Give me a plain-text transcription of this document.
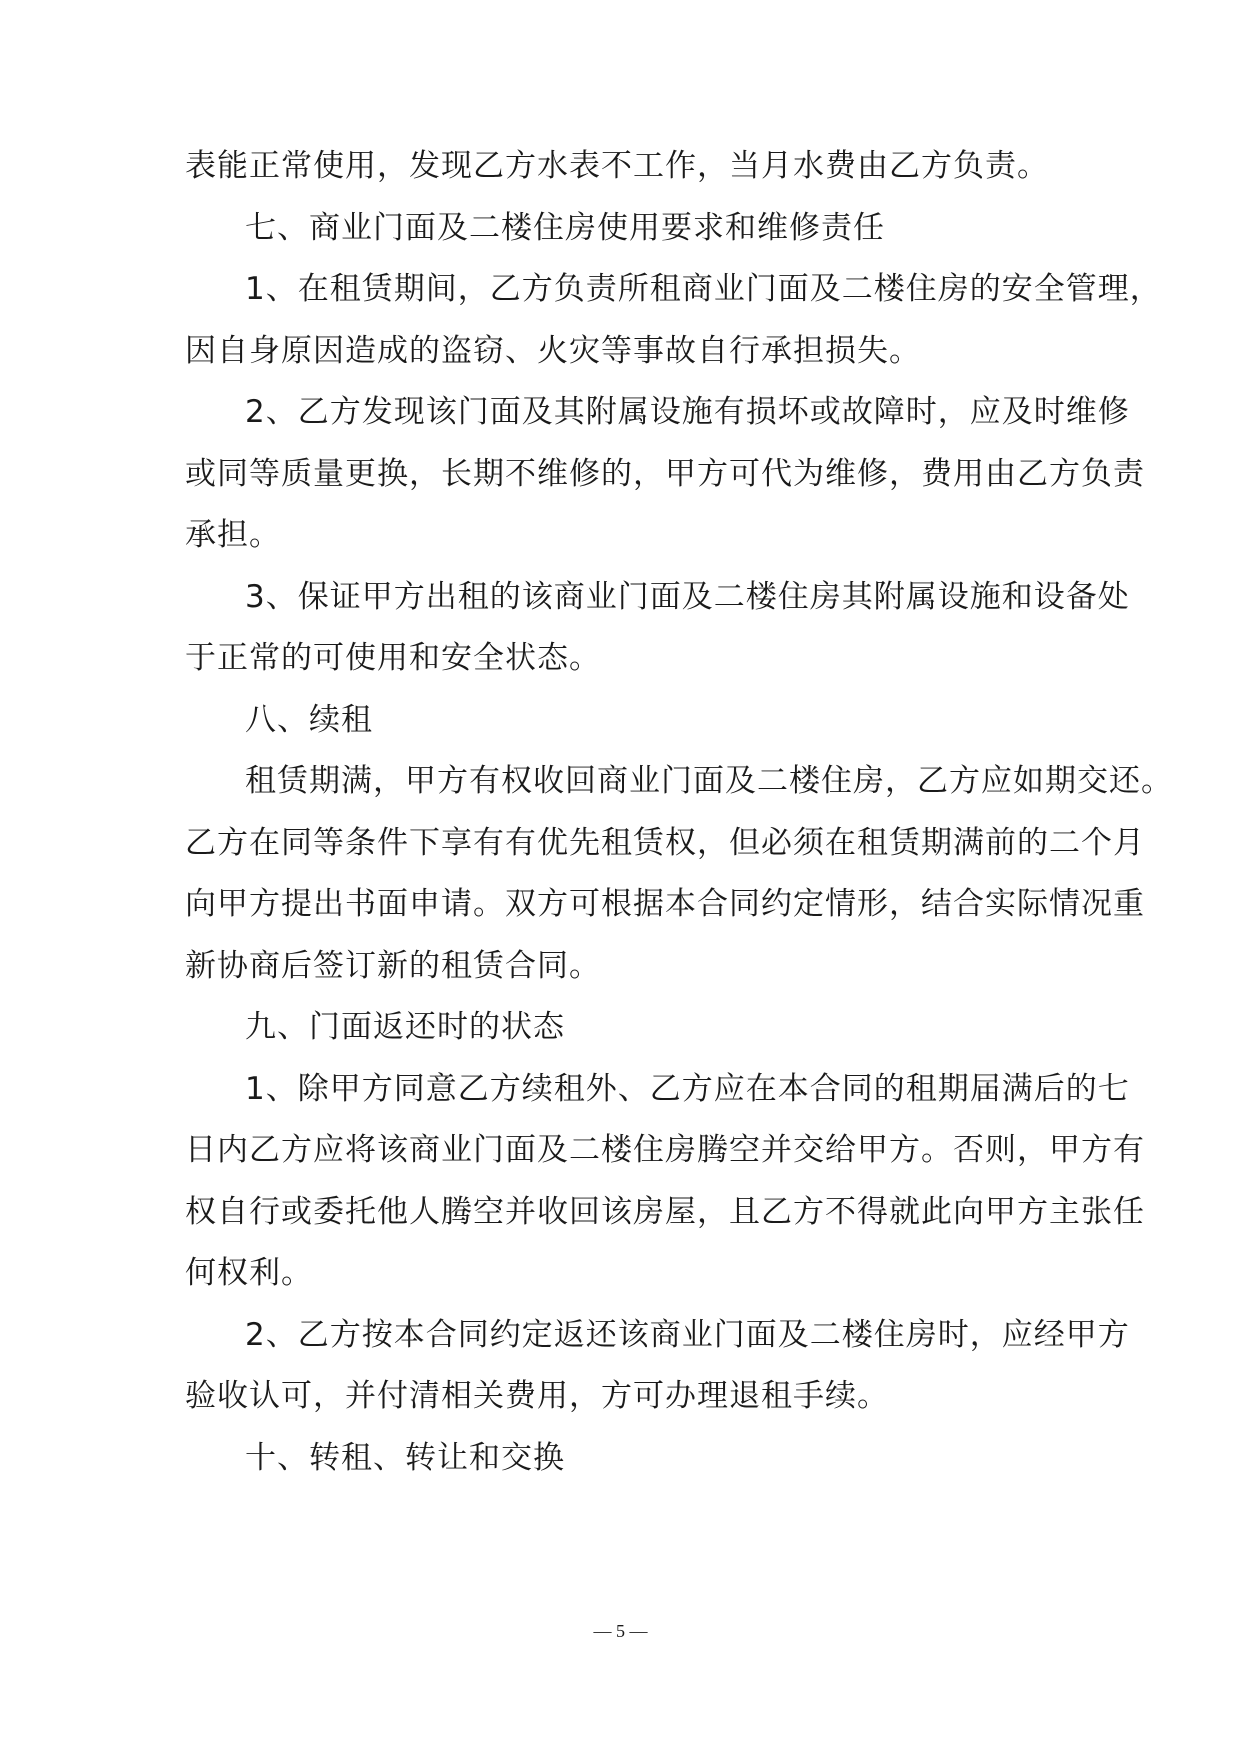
表能正常使用，发现乙方水表不工作，当月水费由乙方负责。
七、商业门面及二楼住房使用要求和维修责任
1、在租赁期间，乙方负责所租商业门面及二楼住房的安全管理，
因自身原因造成的盗窃、火灾等事故自行承担损失。
2、乙方发现该门面及其附属设施有损坏或故障时，应及时维修
或同等质量更换，长期不维修的，甲方可代为维修，费用由乙方负责
承担。
3、保证甲方出租的该商业门面及二楼住房其附属设施和设备处
于正常的可使用和安全状态。
八、续租
租赁期满，甲方有权收回商业门面及二楼住房，乙方应如期交还。
乙方在同等条件下享有有优先租赁权，但必须在租赁期满前的二个月
向甲方提出书面申请。双方可根据本合同约定情形，结合实际情况重
新协商后签订新的租赁合同。
九、门面返还时的状态
1、除甲方同意乙方续租外、乙方应在本合同的租期届满后的七
日内乙方应将该商业门面及二楼住房腾空并交给甲方。否则，甲方有
权自行或委托他人腾空并收回该房屋，且乙方不得就此向甲方主张任
何权利。
2、乙方按本合同约定返还该商业门面及二楼住房时，应经甲方
验收认可，并付清相关费用，方可办理退租手续。
十、转租、转让和交换
— 5 —
